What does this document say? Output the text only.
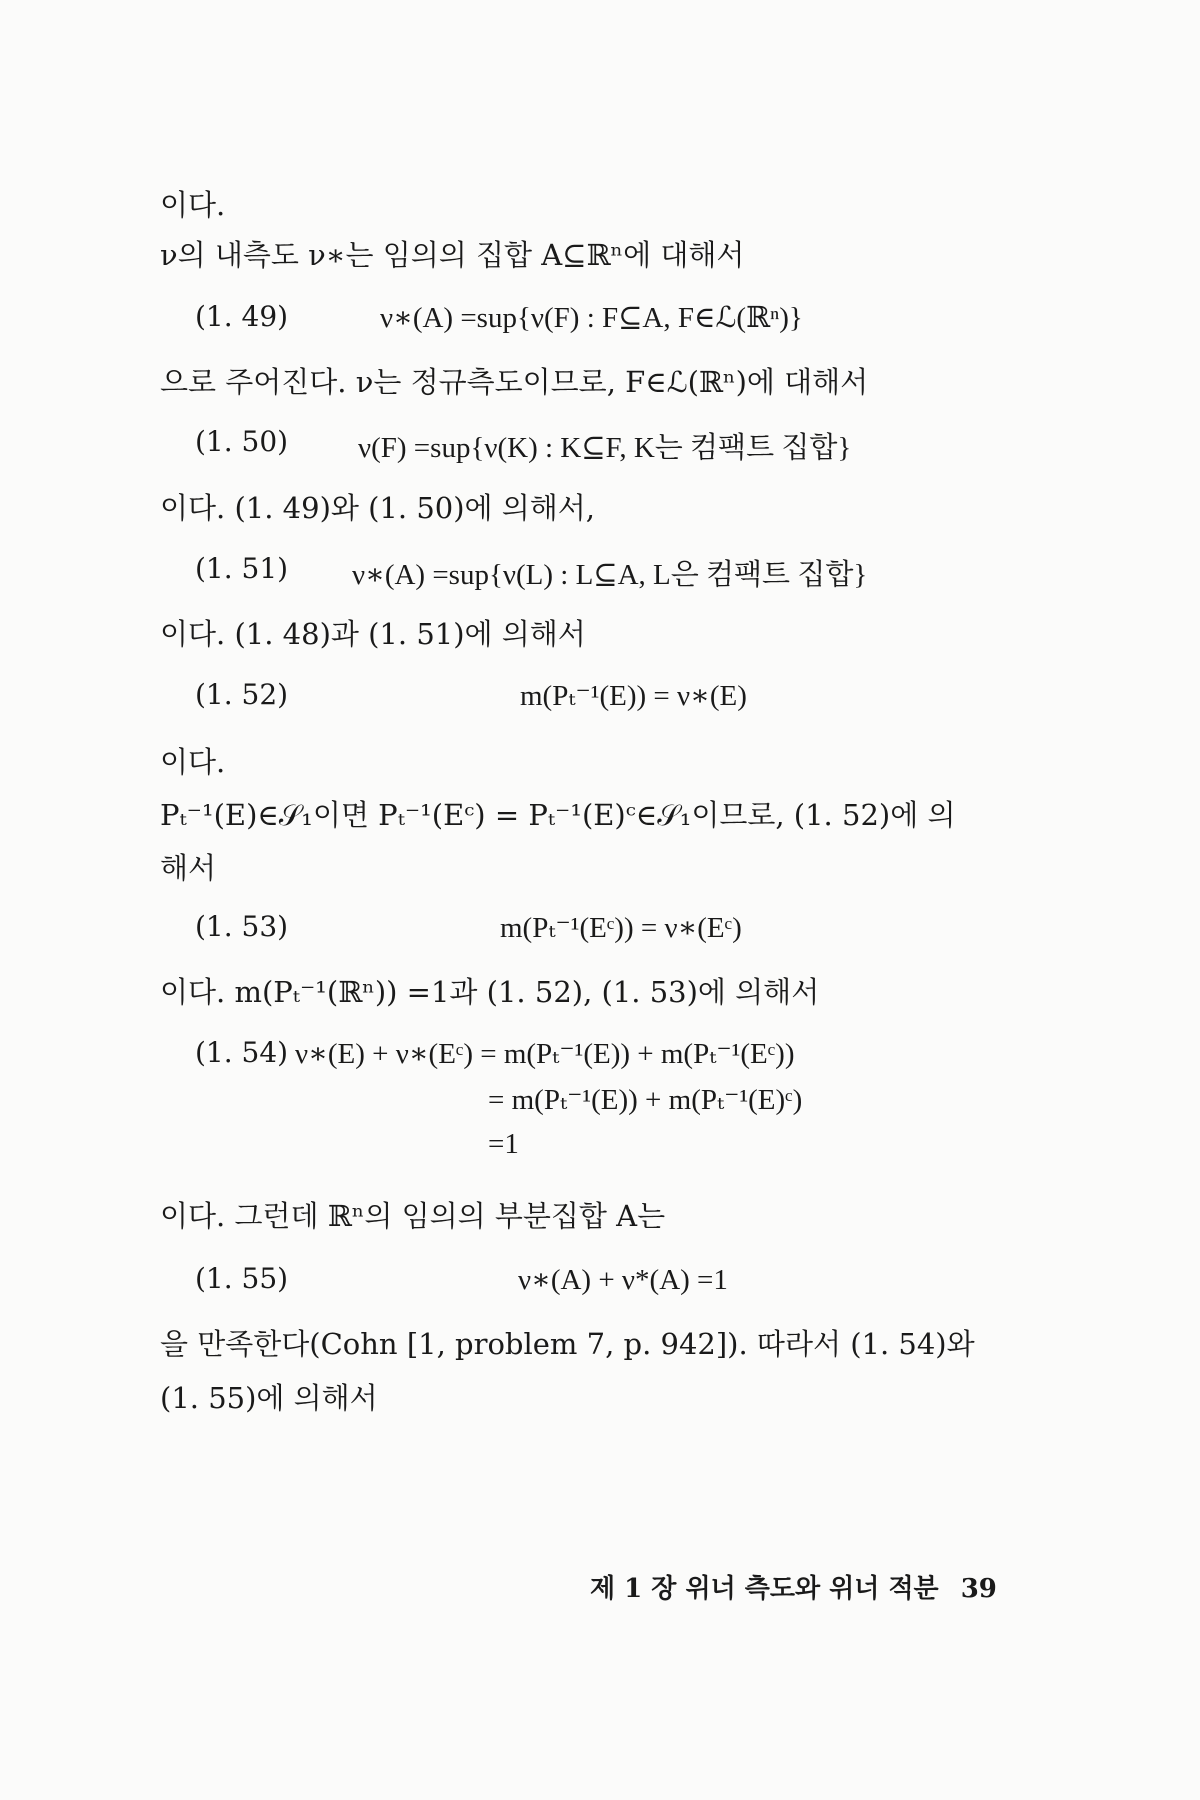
이다.
ν의 내측도 ν∗는 임의의 집합 A⊆ℝⁿ에 대해서
(1. 49)	ν∗(A) =sup{ν(F) : F⊆A, F∈ℒ(ℝⁿ)}
으로 주어진다. ν는 정규측도이므로, F∈ℒ(ℝⁿ)에 대해서
(1. 50) ν(F) =sup{ν(K) : K⊆F, K는 컴팩트 집합}
이다. (1. 49)와 (1. 50)에 의해서,
(1. 51) ν∗(A) =sup{ν(L) : L⊆A, L은 컴팩트 집합}
이다. (1. 48)과 (1. 51)에 의해서
(1. 52)	m(Pₜ⁻¹(E)) = ν∗(E)
이다.
Pₜ⁻¹(E)∈𝒮₁이면 Pₜ⁻¹(Eᶜ) = Pₜ⁻¹(E)ᶜ∈𝒮₁이므로, (1. 52)에 의
해서
(1. 53)	m(Pₜ⁻¹(Eᶜ)) = ν∗(Eᶜ)
이다. m(Pₜ⁻¹(ℝⁿ)) =1과 (1. 52), (1. 53)에 의해서
(1. 54) ν∗(E) + ν∗(Eᶜ) = m(Pₜ⁻¹(E)) + m(Pₜ⁻¹(Eᶜ))
= m(Pₜ⁻¹(E)) + m(Pₜ⁻¹(E)ᶜ)
=1
이다. 그런데 ℝⁿ의 임의의 부분집합 A는
(1. 55)	ν∗(A) + ν*(A) =1
을 만족한다(Cohn [1, problem 7, p. 942]). 따라서 (1. 54)와
(1. 55)에 의해서
제 1 장 위너 측도와 위너 적분 39
